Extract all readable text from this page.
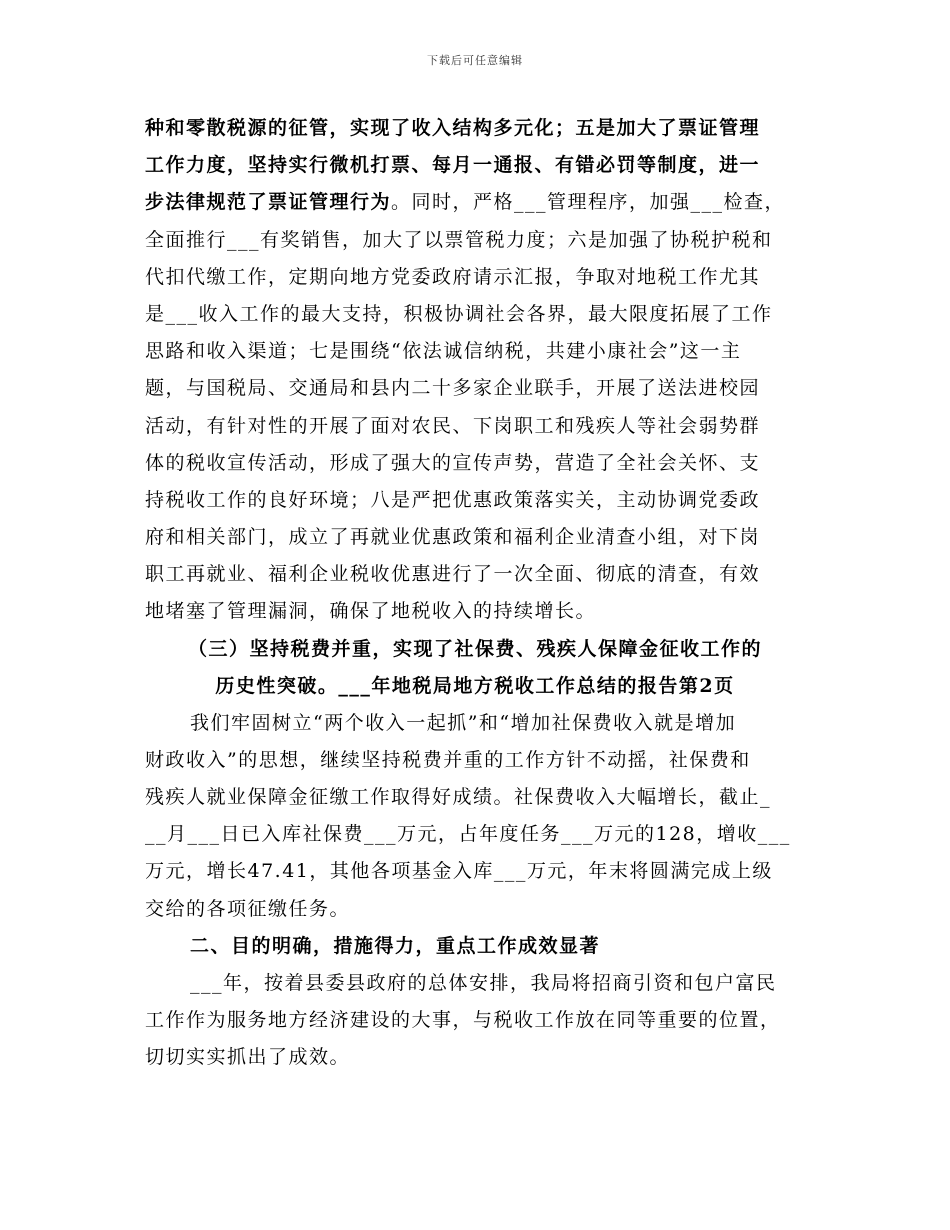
下载后可任意编辑
种和零散税源的征管，实现了收入结构多元化；五是加大了票证管理
工作力度，坚持实行微机打票、每月一通报、有错必罚等制度，进一
步法律规范了票证管理行为。同时，严格___管理程序，加强___检查，
全面推行___有奖销售，加大了以票管税力度；六是加强了协税护税和
代扣代缴工作，定期向地方党委政府请示汇报，争取对地税工作尤其
是___收入工作的最大支持，积极协调社会各界，最大限度拓展了工作
思路和收入渠道；七是围绕“依法诚信纳税，共建小康社会”这一主
题，与国税局、交通局和县内二十多家企业联手，开展了送法进校园
活动，有针对性的开展了面对农民、下岗职工和残疾人等社会弱势群
体的税收宣传活动，形成了强大的宣传声势，营造了全社会关怀、支
持税收工作的良好环境；八是严把优惠政策落实关，主动协调党委政
府和相关部门，成立了再就业优惠政策和福利企业清查小组，对下岗
职工再就业、福利企业税收优惠进行了一次全面、彻底的清查，有效
地堵塞了管理漏洞，确保了地税收入的持续增长。
（三）坚持税费并重，实现了社保费、残疾人保障金征收工作的
历史性突破。___年地税局地方税收工作总结的报告第2页
我们牢固树立“两个收入一起抓”和“增加社保费收入就是增加
财政收入”的思想，继续坚持税费并重的工作方针不动摇，社保费和
残疾人就业保障金征缴工作取得好成绩。社保费收入大幅增长，截止_
__月___日已入库社保费___万元，占年度任务___万元的128，增收___
万元，增长47.41，其他各项基金入库___万元，年末将圆满完成上级
交给的各项征缴任务。
二、目的明确，措施得力，重点工作成效显著
___年，按着县委县政府的总体安排，我局将招商引资和包户富民
工作作为服务地方经济建设的大事，与税收工作放在同等重要的位置，
切切实实抓出了成效。
